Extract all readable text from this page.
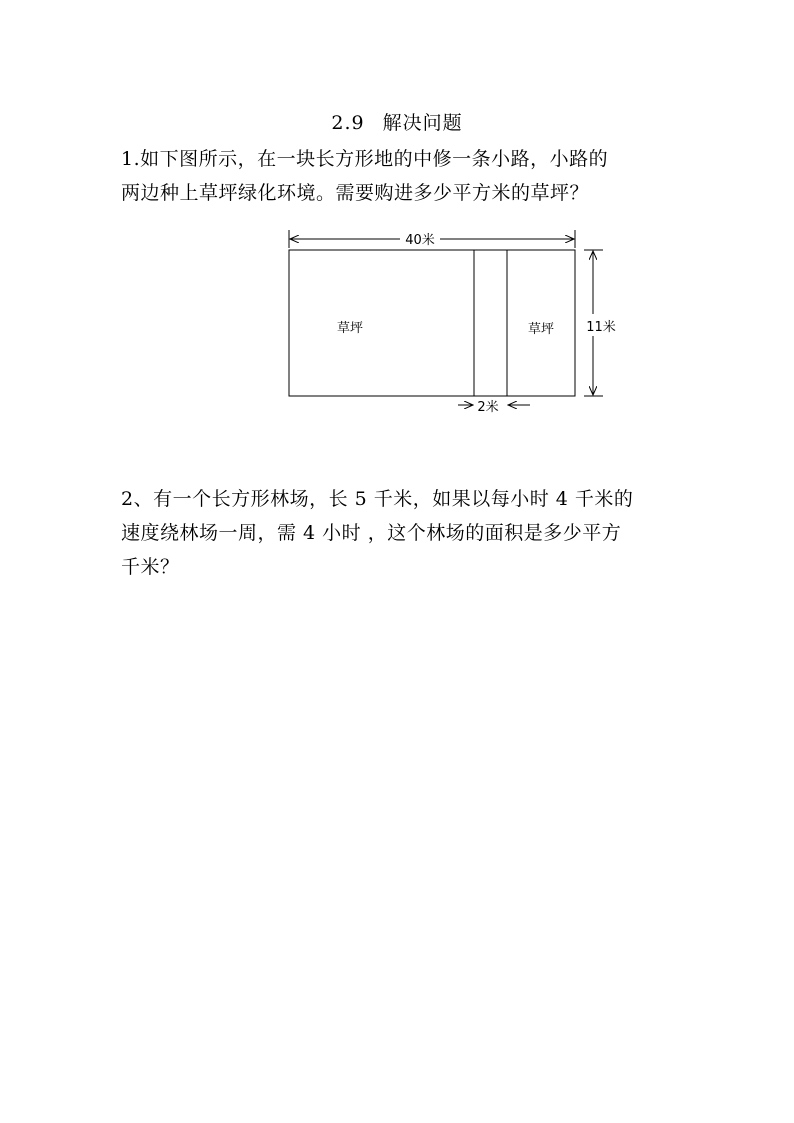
2.9 解决问题
1.如下图所示，在一块长方形地的中修一条小路，小路的
两边种上草坪绿化环境。需要购进多少平方米的草坪？
40米
草坪	草坪 11米
2米
2、有一个长方形林场，长 5 千米，如果以每小时 4 千米的
速度绕林场一周，需 4 小时 ，这个林场的面积是多少平方
千米？
